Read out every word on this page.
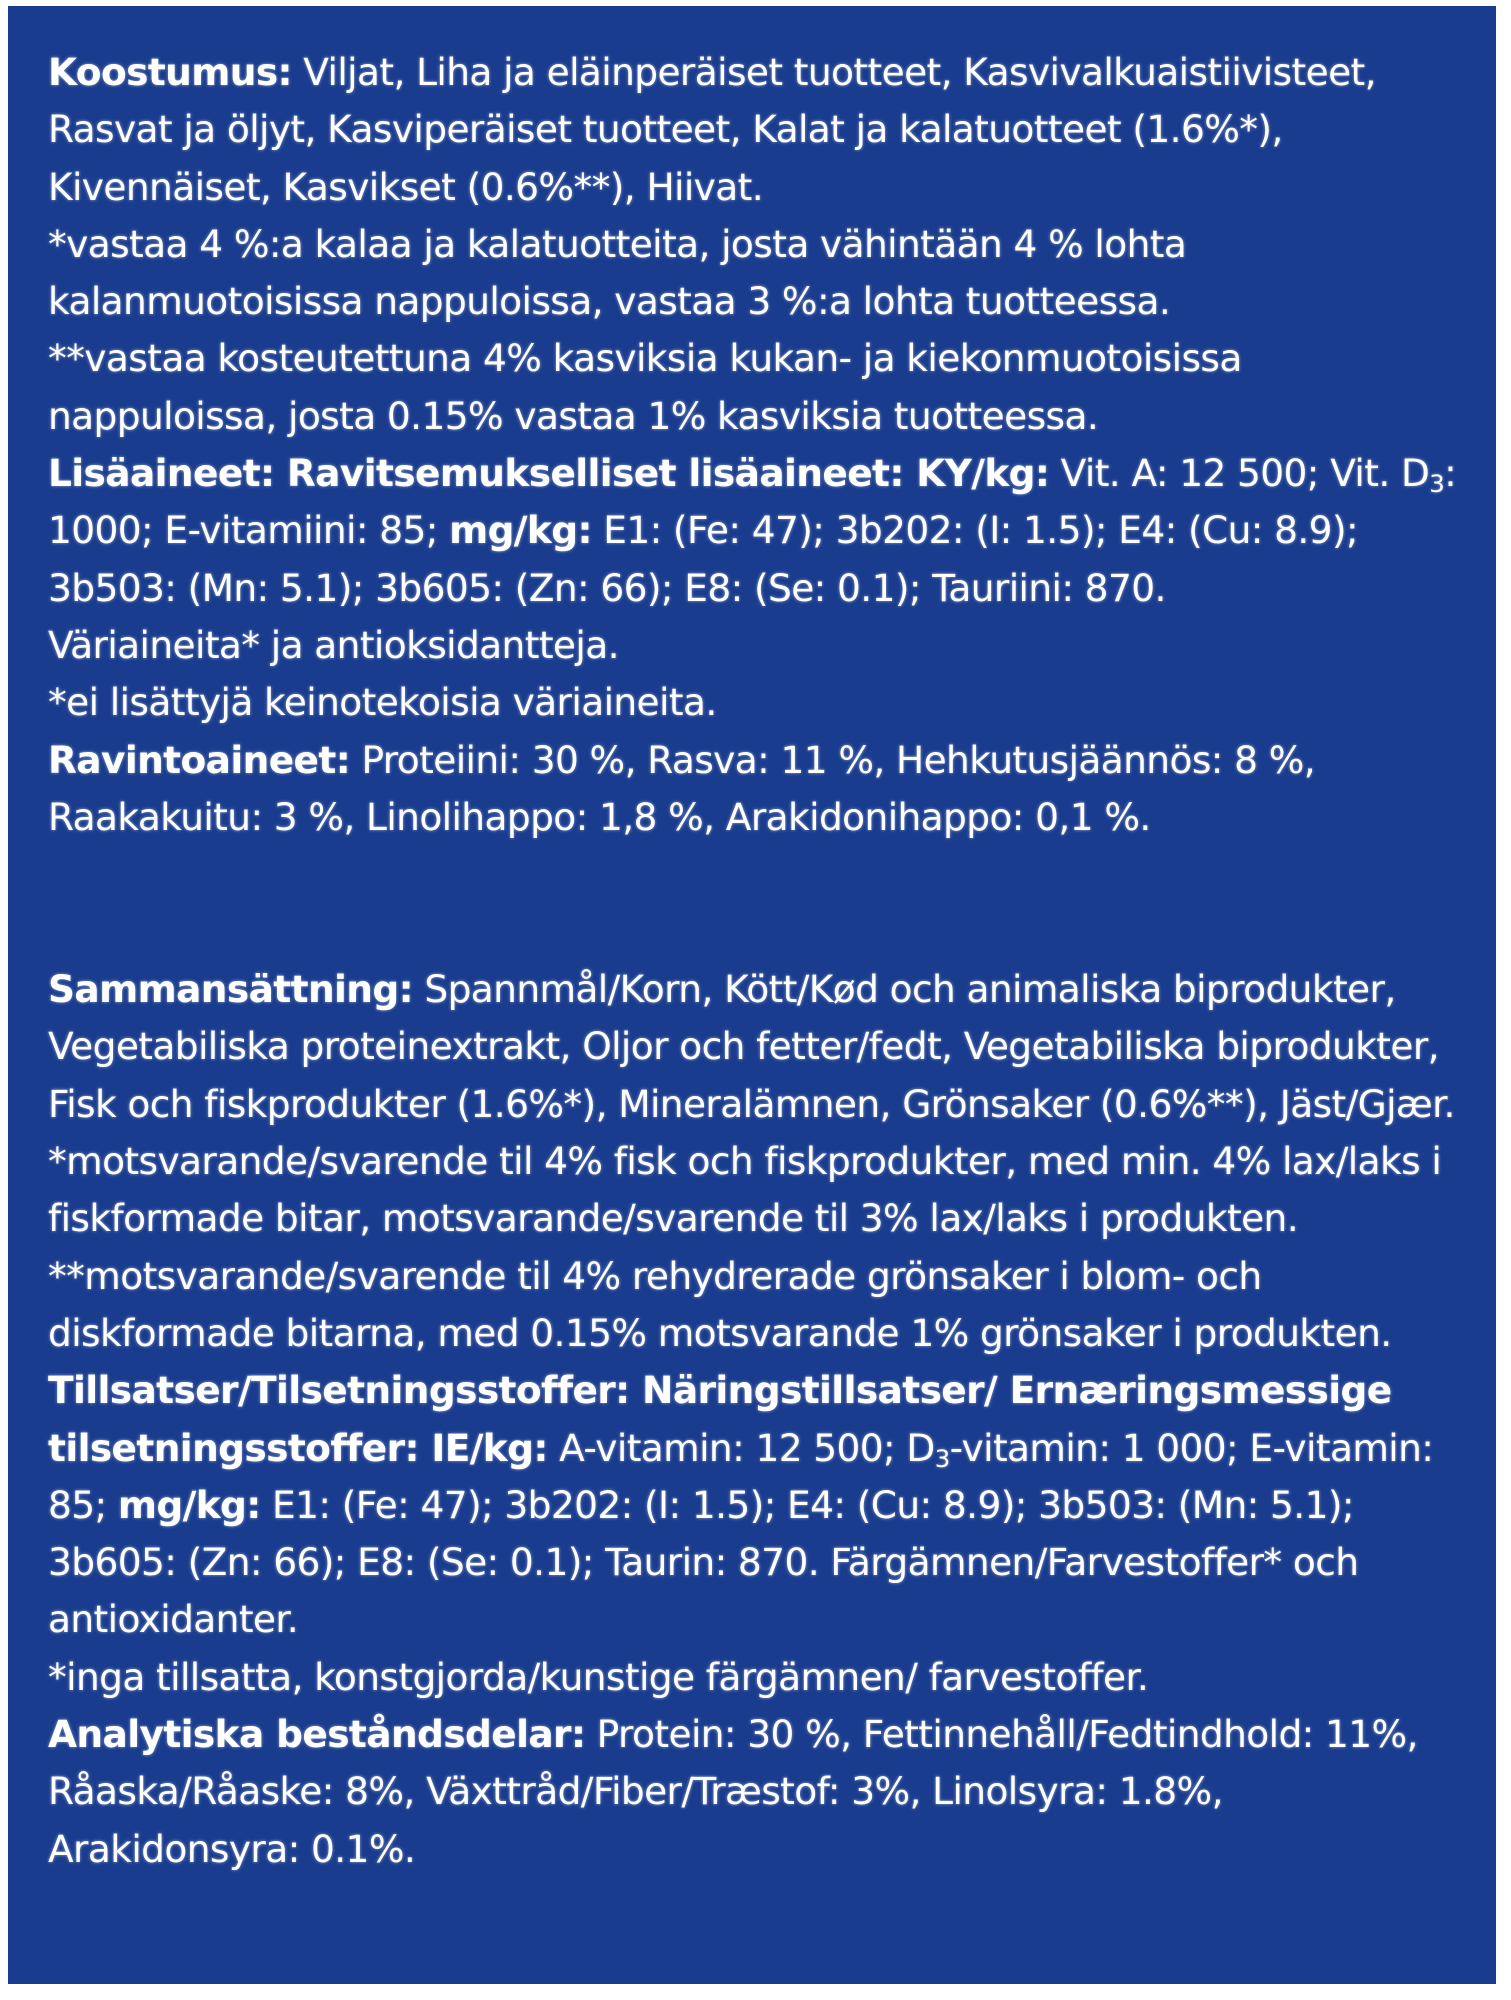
Koostumus: Viljat, Liha ja eläinperäiset tuotteet, Kasvivalkuaistiivisteet, Rasvat ja öljyt, Kasviperäiset tuotteet, Kalat ja kalatuotteet (1.6%*), Kivennäiset, Kasvikset (0.6%**), Hiivat.
*vastaa 4 %:a kalaa ja kalatuotteita, josta vähintään 4 % lohta kalanmuotoisissa nappuloissa, vastaa 3 %:a lohta tuotteessa.
**vastaa kosteutettuna 4% kasviksia kukan- ja kiekonmuotoisissa nappuloissa, josta 0.15% vastaa 1% kasviksia tuotteessa.
Lisäaineet: Ravitsemukselliset lisäaineet: KY/kg: Vit. A: 12 500; Vit. $D_3$: 1000; E-vitamiini: 85; mg/kg: E1: (Fe: 47); 3b202: (I: 1.5); E4: (Cu: 8.9); 3b503: (Mn: 5.1); 3b605: (Zn: 66); E8: (Se: 0.1); Tauriini: 870.
Väriaineita* ja antioksidantteja.
*ei lisättyjä keinotekoisia väriaineita.
Ravintoaineet: Proteiini: 30 %, Rasva: 11 %, Hehkutusjäännös: 8 %, Raakakuitu: 3 %, Linolihappo: 1,8 %, Arakidonihappo: 0,1 %.
Sammansättning: Spannmål/Korn, Kött/Kød och animaliska biprodukter, Vegetabiliska proteinextrakt, Oljor och fetter/fedt, Vegetabiliska biprodukter, Fisk och fiskprodukter (1.6%*), Mineralämnen, Grönsaker (0.6%**), Jäst/Gjær.
*motsvarande/svarende til 4% fisk och fiskprodukter, med min. 4% lax/laks i fiskformade bitar, motsvarande/svarende til 3% lax/laks i produkten. **motsvarande/svarende til 4% rehydrerade grönsaker i blom- och diskformade bitarna, med 0.15% motsvarande 1% grönsaker i produkten.
Tillsatser/Tilsetningsstoffer: Näringstillsatser/ Ernæringsmessige tilsetningsstoffer: IE/kg: A-vitamin: 12 500; $D_3$-vitamin: 1 000; E-vitamin: 85; mg/kg: E1: (Fe: 47); 3b202: (I: 1.5); E4: (Cu: 8.9); 3b503: (Mn: 5.1); 3b605: (Zn: 66); E8: (Se: 0.1); Taurin: 870. Färgämnen/Farvestoffer* och antioxidanter.
*inga tillsatta, konstgjorda/kunstige färgämnen/ farvestoffer.
Analytiska beståndsdelar: Protein: 30 %, Fettinnehåll/Fedtindhold: 11%, Råaska/Råaske: 8%, Växttråd/Fiber/Træstof: 3%, Linolsyra: 1.8%, Arakidonsyra: 0.1%.
